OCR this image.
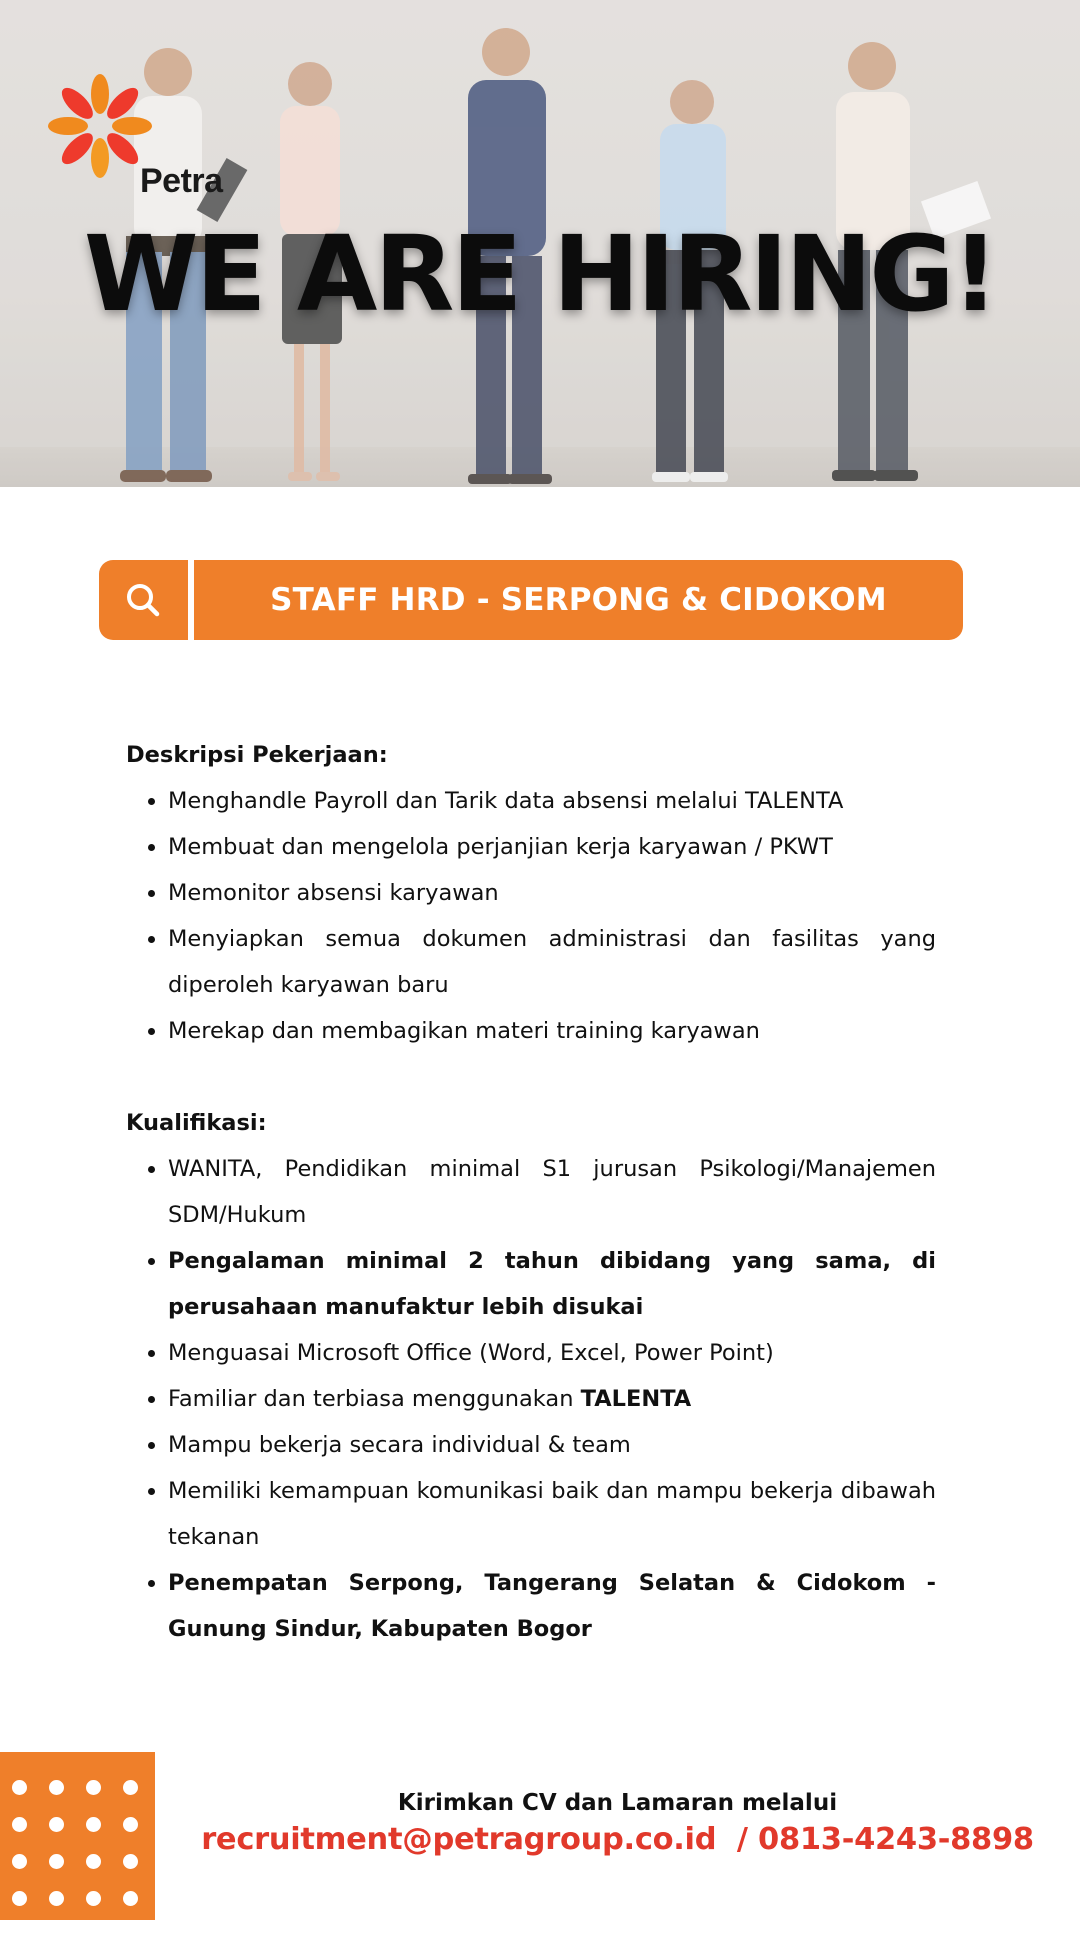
Petra
WE ARE HIRING!
STAFF HRD - SERPONG & CIDOKOM

Deskripsi Pekerjaan:

• Menghandle Payroll dan Tarik data absensi melalui TALENTA
• Membuat dan mengelola perjanjian kerja karyawan / PKWT
• Memonitor absensi karyawan
• Menyiapkan semua dokumen administrasi dan fasilitas yang diperoleh karyawan baru
• Merekap dan membagikan materi training karyawan

Kualifikasi:

• WANITA, Pendidikan minimal S1 jurusan Psikologi/Manajemen SDM/Hukum
• Pengalaman minimal 2 tahun dibidang yang sama, di perusahaan manufaktur lebih disukai
• Menguasai Microsoft Office (Word, Excel, Power Point)
• Familiar dan terbiasa menggunakan TALENTA
• Mampu bekerja secara individual & team
• Memiliki kemampuan komunikasi baik dan mampu bekerja dibawah tekanan
• Penempatan Serpong, Tangerang Selatan & Cidokom - Gunung Sindur, Kabupaten Bogor
Kirimkan CV dan Lamaran melalui
recruitment@petragroup.co.id  / 0813-4243-8898
